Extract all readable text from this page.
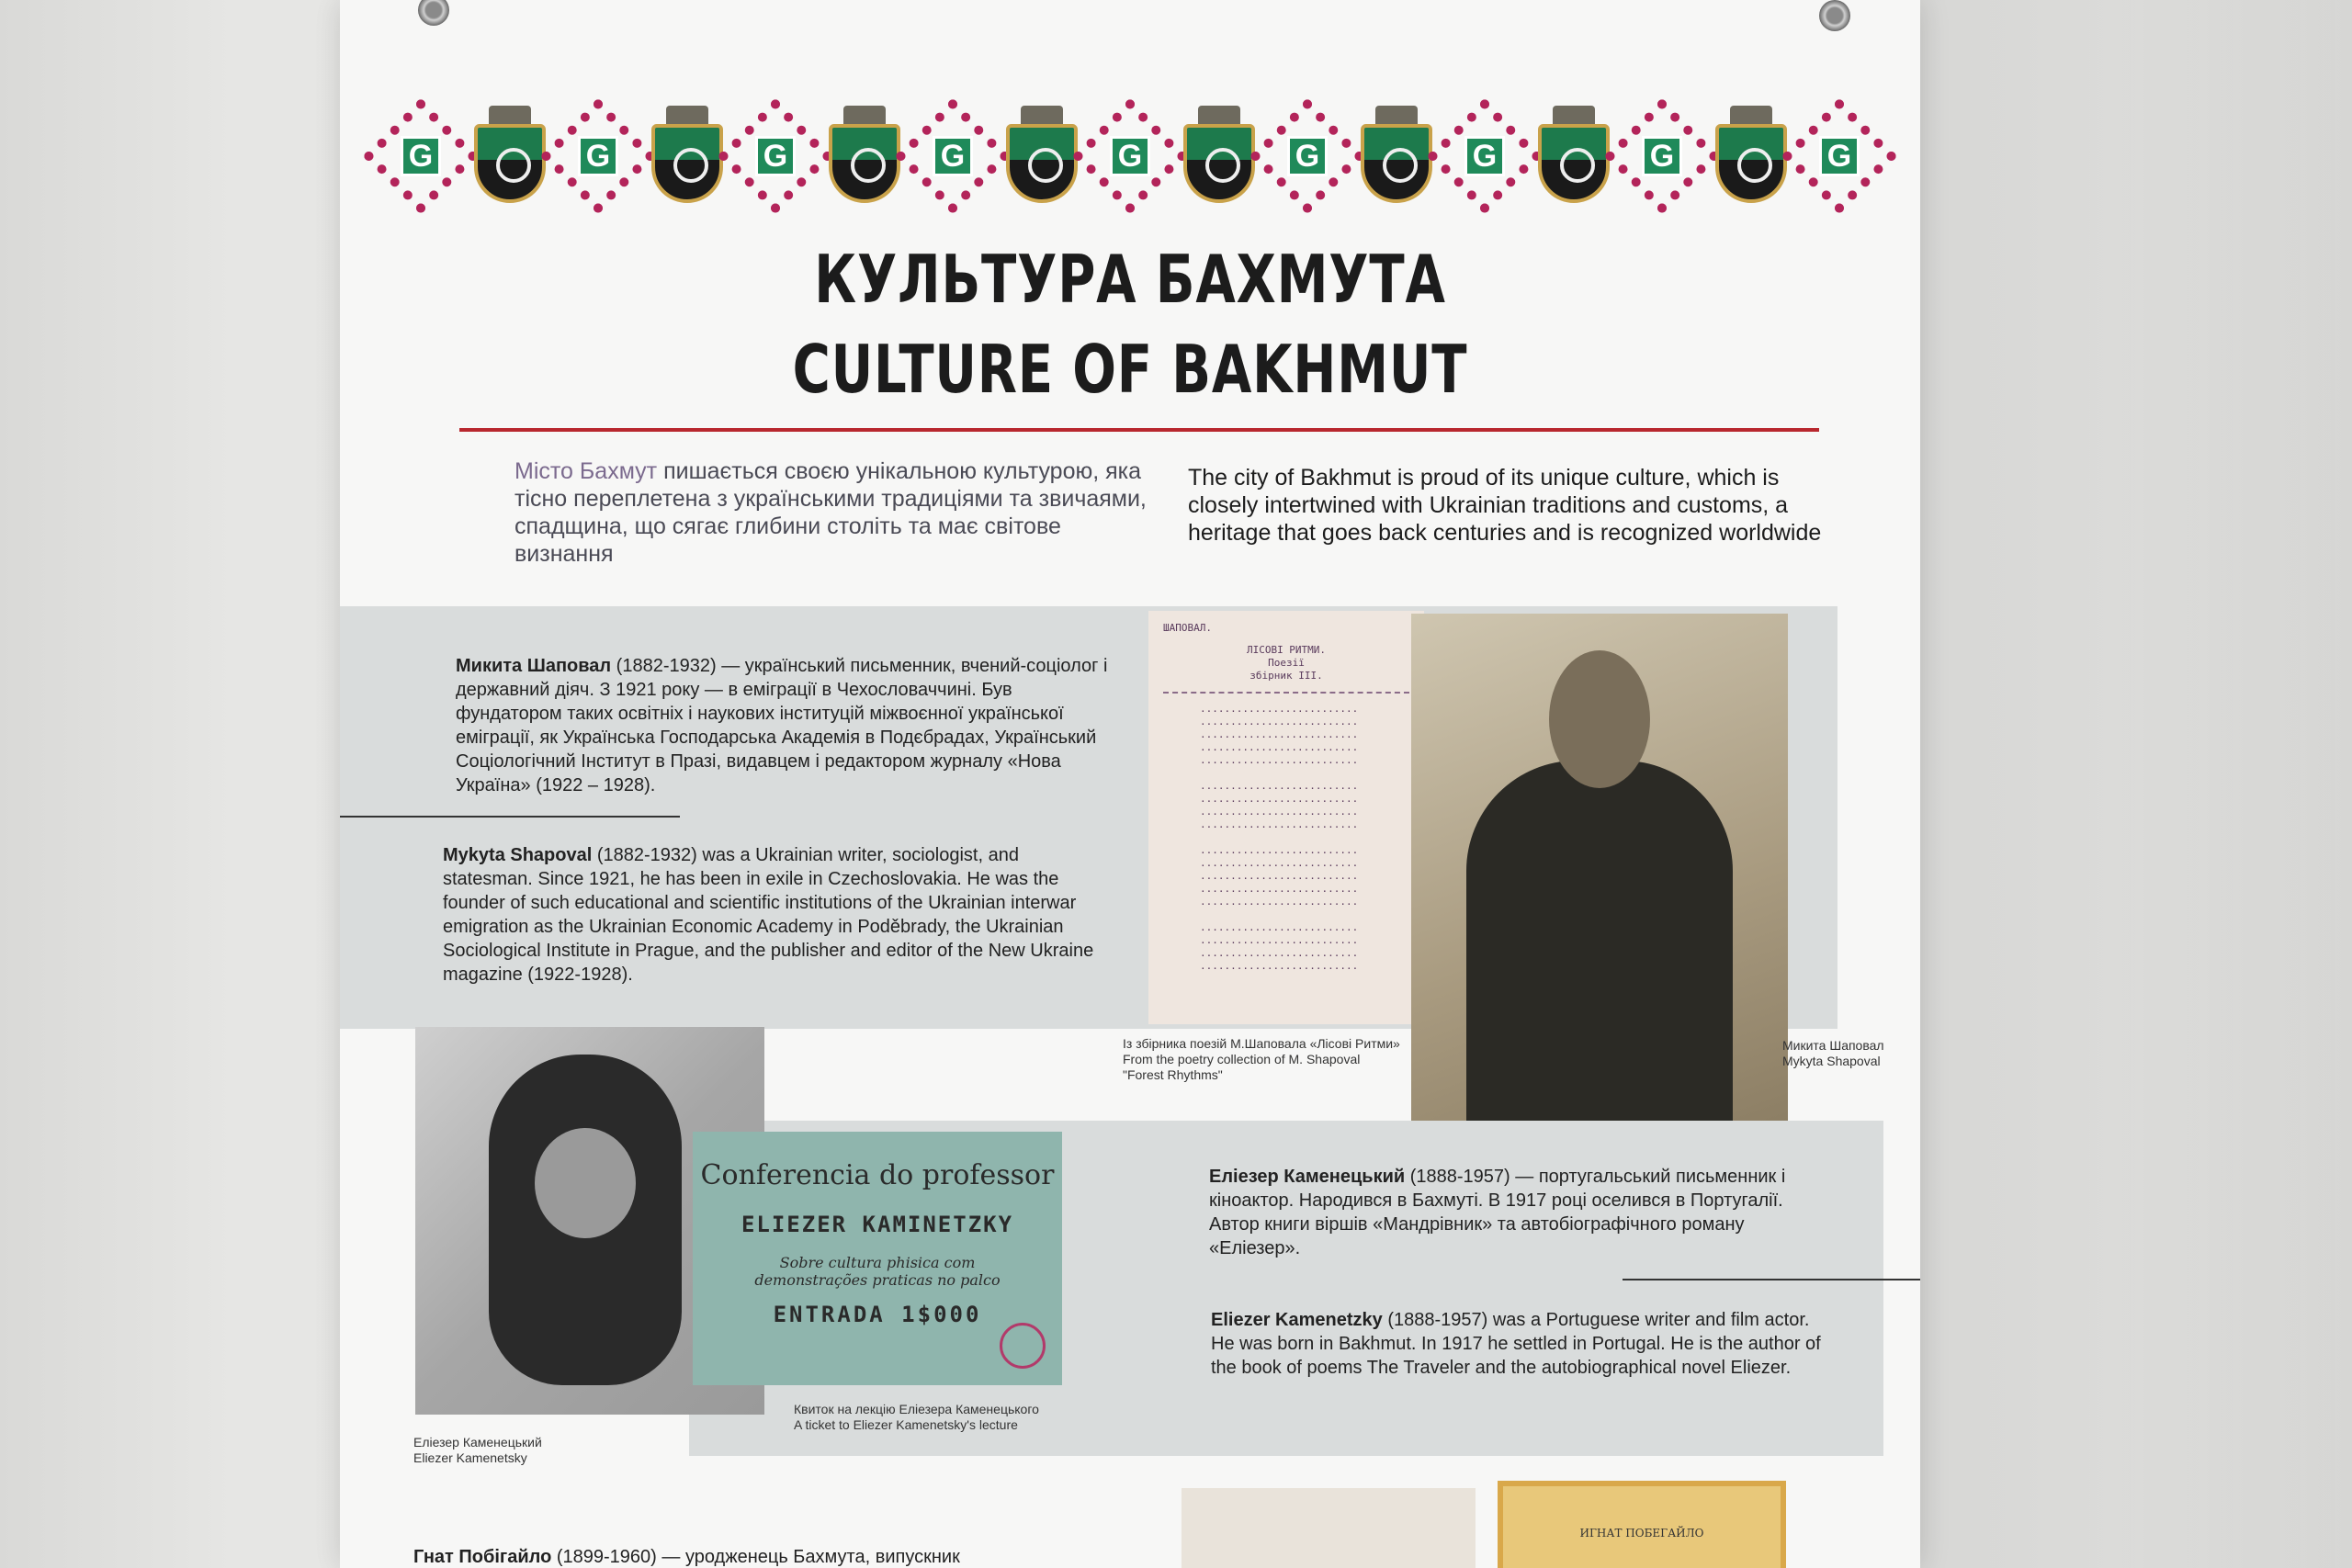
G	G	G	G	G	G	G	G	G
КУЛЬТУРА БАХМУТА
CULTURE OF BAKHMUT
Місто Бахмут пишається своєю унікальною культурою, яка тісно переплетена з українськими традиціями та звичаями, спадщина, що сягає глибини століть та має світове визнання
The city of Bakhmut is proud of its unique culture, which is closely intertwined with Ukrainian traditions and customs, a heritage that goes back centuries and is recognized worldwide
Микита Шаповал (1882-1932) — український письменник, вчений-соціолог і державний діяч. З 1921 року — в еміграції в Чехословаччині. Був фундатором таких освітніх і наукових інституцій міжвоєнної української еміграції, як Українська Господарська Академія в Подєбрадах, Український Соціологічний Інститут в Празі, видавцем і редактором журналу «Нова Україна» (1922 – 1928).
Mykyta Shapoval (1882-1932) was a Ukrainian writer, sociologist, and statesman. Since 1921, he has been in exile in Czechoslovakia. He was the founder of such educational and scientific institutions of the Ukrainian interwar emigration as the Ukrainian Economic Academy in Poděbrady, the Ukrainian Sociological Institute in Prague, and the publisher and editor of the New Ukraine magazine (1922-1928).
ШАПОВАЛ.
ЛІСОВІ РИТМИ.
Поезії
збірник III.
..........................
..........................
..........................
..........................
..........................

..........................
..........................
..........................
..........................

..........................
..........................
..........................
..........................
..........................

..........................
..........................
..........................
..........................
Із збірника поезій М.Шаповала «Лісові Ритми»
From the poetry collection of M. Shapoval
"Forest Rhythms"
Микита Шаповал
Mykyta Shapoval
Conferencia do professor
ELIEZER KAMINETZKY
Sobre cultura phisica com demonstrações praticas no palco
ENTRADA 1$000
Еліезер Каменецький
Eliezer Kamenetsky
Квиток на лекцію Еліезера Каменецького
A ticket to Eliezer Kamenetsky's lecture
Еліезер Каменецький (1888-1957) — португальський письменник і кіноактор. Народився в Бахмуті. В 1917 році оселився в Португалії. Автор книги віршів «Мандрівник» та автобіографічного роману «Еліезер».
Eliezer Kamenetzky (1888-1957) was a Portuguese writer and film actor. He was born in Bakhmut. In 1917 he settled in Portugal. He is the author of the book of poems The Traveler and the autobiographical novel Eliezer.
ИГНАТ ПОБЕГАЙЛО
Гнат Побігайло (1899-1960) — уродженець Бахмута, випускник
